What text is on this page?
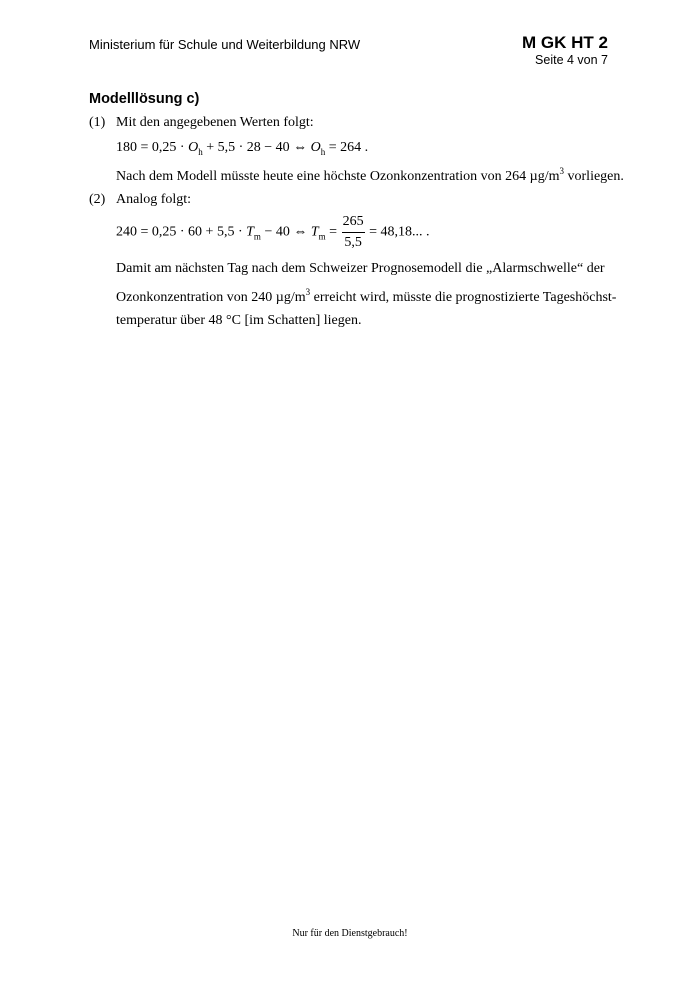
Ministerium für Schule und Weiterbildung NRW	M GK HT 2
Seite 4 von 7
Modelllösung c)
(1) Mit den angegebenen Werten folgt:
$180 = 0,25 \cdot O_h + 5,5 \cdot 28 - 40$ ⇔ $O_h = 264$ .
Nach dem Modell müsste heute eine höchste Ozonkonzentration von 264 $\mu g/m^3$ vorliegen.
(2) Analog folgt:
$240 = 0,25 \cdot 60 + 5,5 \cdot T_m - 40$ ⇔ $T_m = \frac{265}{5,5} = 48,18$... .
Damit am nächsten Tag nach dem Schweizer Prognosemodell die „Alarmschwelle“ der
Ozonkonzentration von 240 $\mu g/m^3$ erreicht wird, müsste die prognostizierte Tageshöchst-
temperatur über 48 °C [im Schatten] liegen.
Nur für den Dienstgebrauch!
